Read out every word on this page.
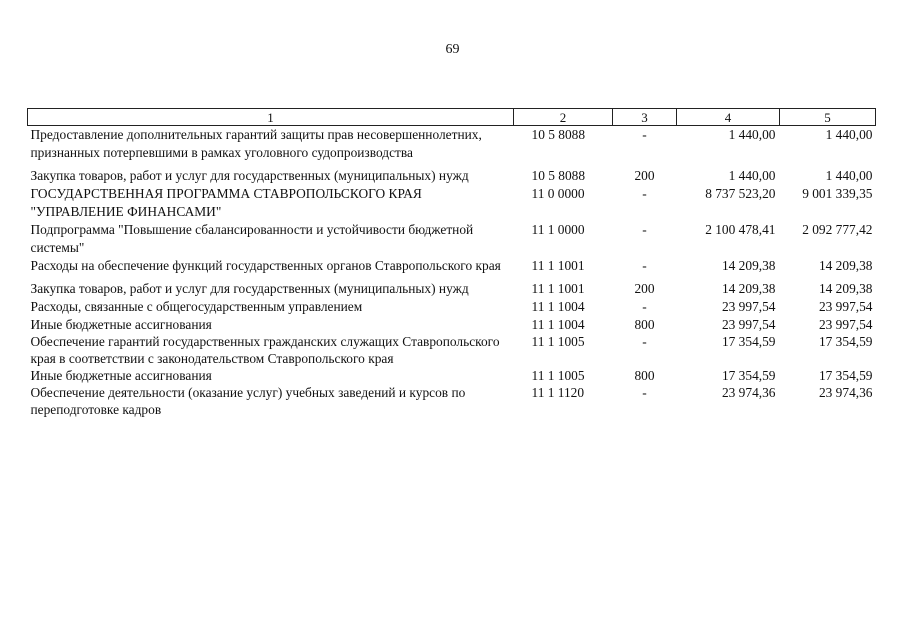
69
1	2	3	4	5
Предоставление дополнительных гарантий защиты прав несовершеннолетних, признанных потерпевшими в рамках уголовного судопроизводства	10 5 8088	-	1 440,00	1 440,00
Закупка товаров, работ и услуг для государственных (муниципальных) нужд	10 5 8088	200	1 440,00	1 440,00
ГОСУДАРСТВЕННАЯ ПРОГРАММА СТАВРОПОЛЬСКОГО КРАЯ "УПРАВЛЕНИЕ ФИНАНСАМИ"	11 0 0000	-	8 737 523,20	9 001 339,35
Подпрограмма "Повышение сбалансированности и устойчивости бюджетной системы"	11 1 0000	-	2 100 478,41	2 092 777,42
Расходы на обеспечение функций государственных органов Ставропольского края	11 1 1001	-	14 209,38	14 209,38
Закупка товаров, работ и услуг для государственных (муниципальных) нужд	11 1 1001	200	14 209,38	14 209,38
Расходы, связанные с общегосударственным управлением	11 1 1004	-	23 997,54	23 997,54
Иные бюджетные ассигнования	11 1 1004	800	23 997,54	23 997,54
Обеспечение гарантий государственных гражданских служащих Ставропольского края в соответствии с законодательством Ставропольского края	11 1 1005	-	17 354,59	17 354,59
Иные бюджетные ассигнования	11 1 1005	800	17 354,59	17 354,59
Обеспечение деятельности (оказание услуг) учебных заведений и курсов по переподготовке кадров	11 1 1120	-	23 974,36	23 974,36
